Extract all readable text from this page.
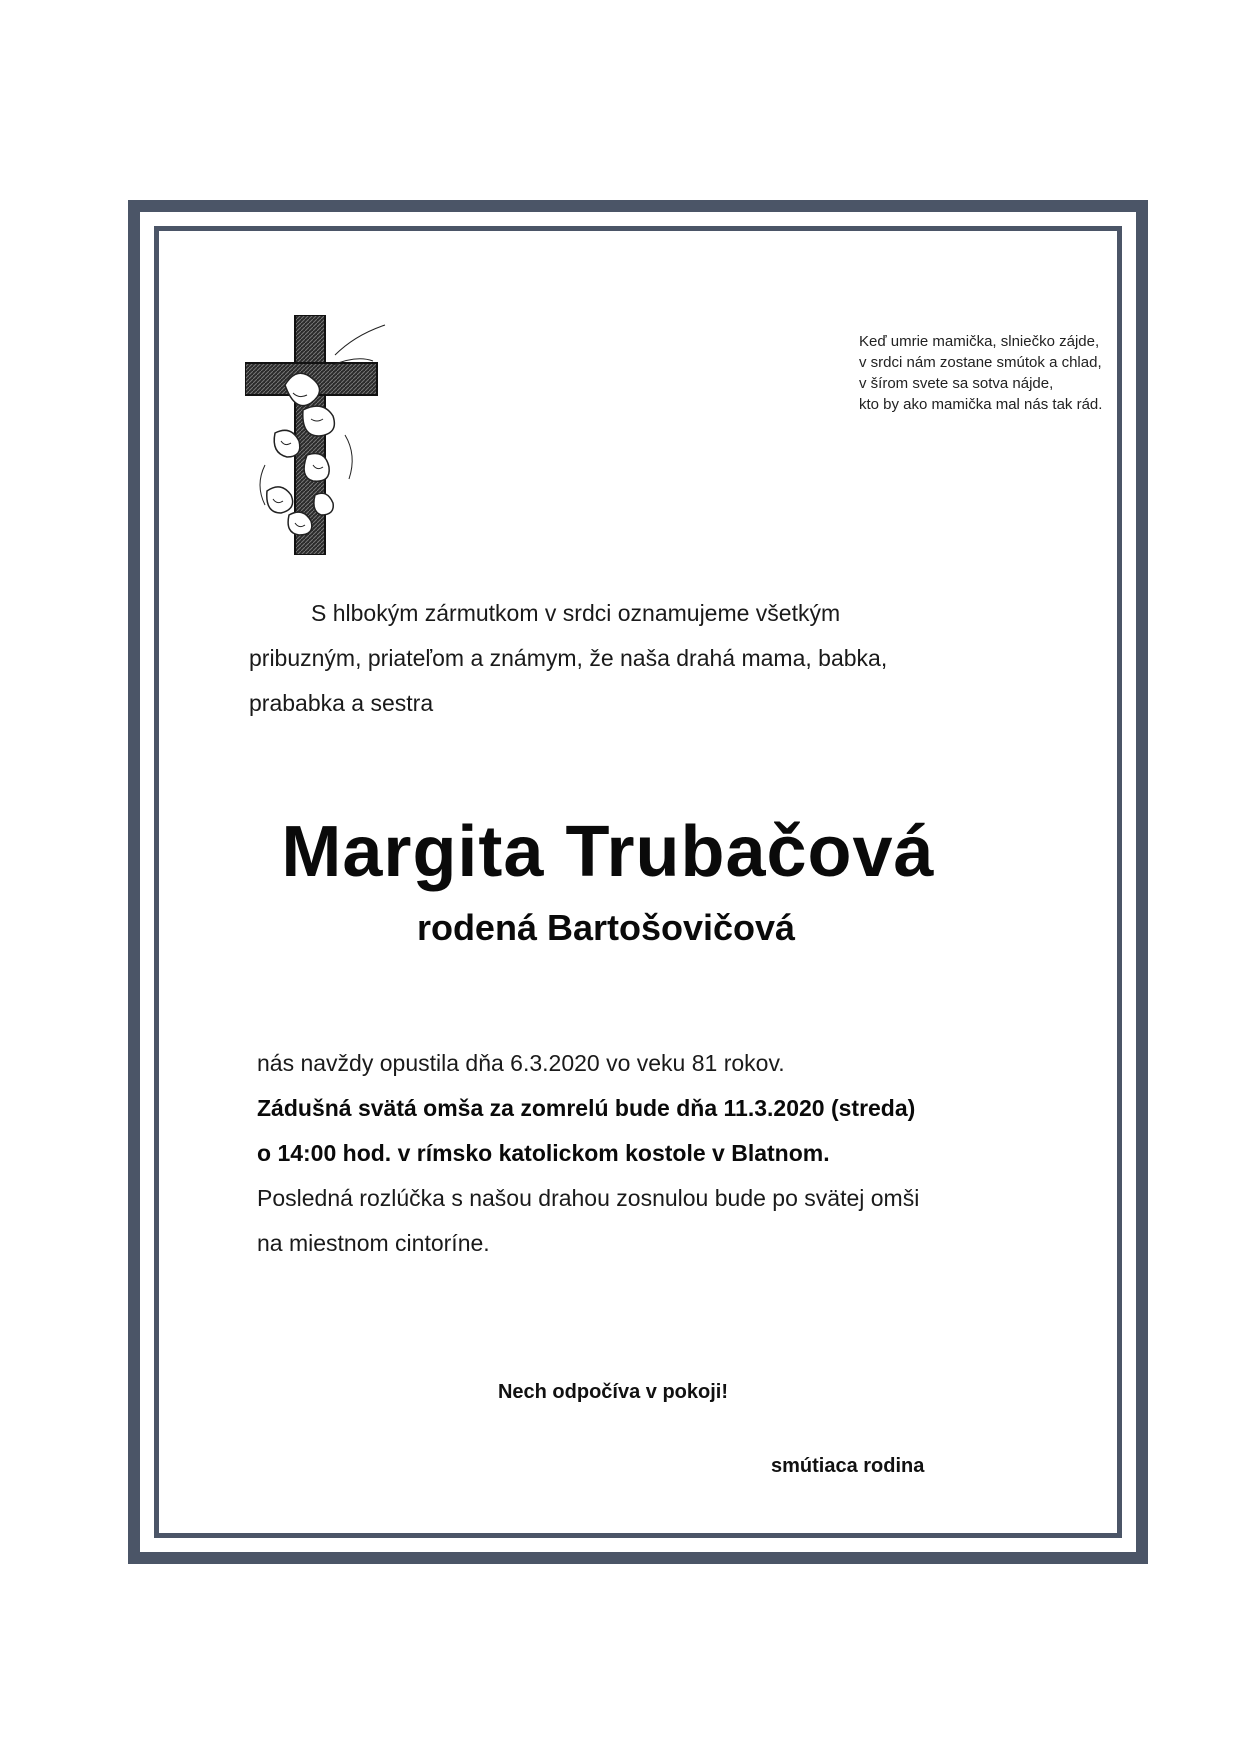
Keď umrie mamička, slniečko zájde,
v srdci nám zostane smútok a chlad,
v šírom svete sa sotva nájde,
kto by ako mamička mal nás tak rád.

S hlbokým zármutkom v srdci oznamujeme všetkým

pribuzným, priateľom a známym, že naša drahá mama, babka,

prababka a sestra

Margita Trubačová
rodená Bartošovičová

nás navždy opustila dňa 6.3.2020 vo veku 81 rokov.

Zádušná svätá omša za zomrelú bude dňa 11.3.2020 (streda)

o 14:00 hod. v rímsko katolickom kostole v Blatnom.

Posledná rozlúčka s našou drahou zosnulou bude po svätej omši

na miestnom cintoríne.

Nech odpočíva v pokoji!
smútiaca rodina
